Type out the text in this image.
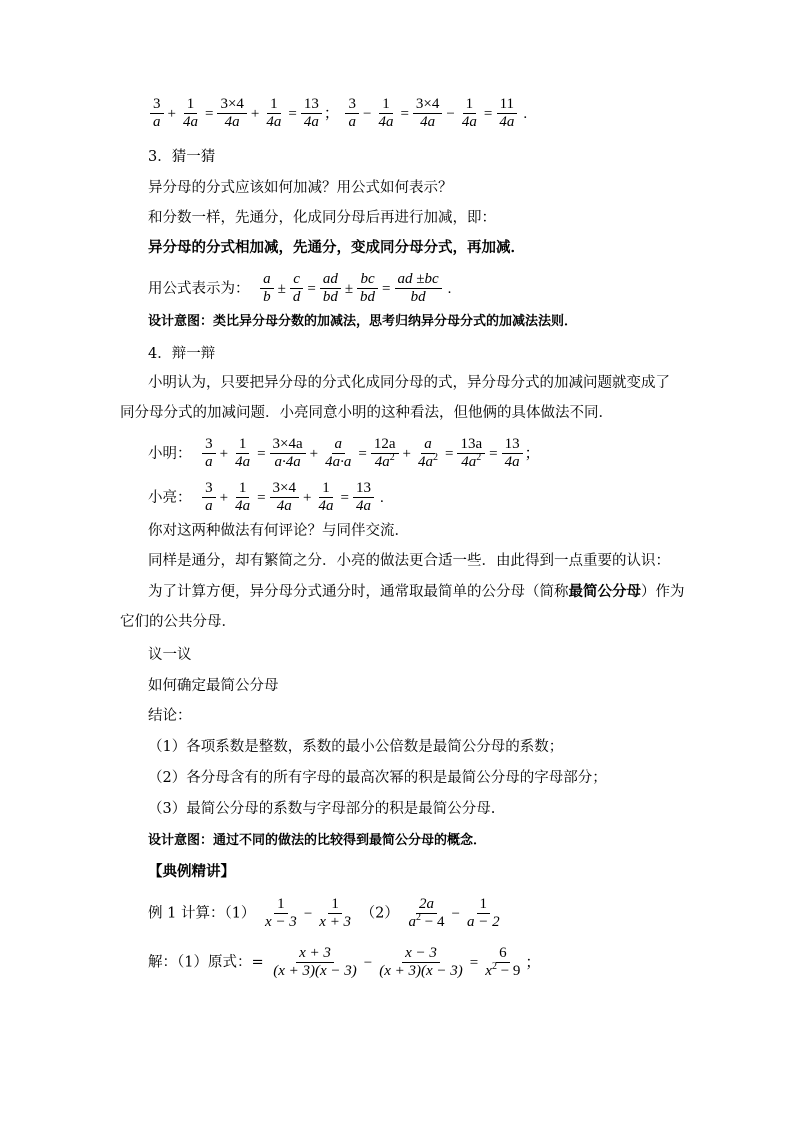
$\frac{3}{a} + \frac{1}{4a} = \frac{3\times 4}{4a} + \frac{1}{4a} = \frac{13}{4a}$ ；
$\frac{3}{a} - \frac{1}{4a} = \frac{3\times 4}{4a} - \frac{1}{4a} = \frac{11}{4a}$ .
3．猜一猜
异分母的分式应该如何加减？用公式如何表示？
和分数一样，先通分，化成同分母后再进行加减，即：
异分母的分式相加减，先通分，变成同分母分式，再加减．
用公式表示为： $\frac{a}{b} \pm \frac{c}{d} = \frac{ad}{bd} \pm \frac{bc}{bd} = \frac{ad \pm bc}{bd}$ .
设计意图：类比异分母分数的加减法，思考归纳异分母分式的加减法法则．
4．辩一辩
小明认为，只要把异分母的分式化成同分母的式，异分母分式的加减问题就变成了
同分母分式的加减问题．小亮同意小明的这种看法，但他俩的具体做法不同．
小明： $\frac{3}{a} + \frac{1}{4a} = \frac{3\times 4a}{a\cdot 4a} + \frac{a}{4a\cdot a} = \frac{12a}{4a^2} + \frac{a}{4a^2} = \frac{13a}{4a^2} = \frac{13}{4a}$ ；
小亮： $\frac{3}{a} + \frac{1}{4a} = \frac{3\times 4}{4a} + \frac{1}{4a} = \frac{13}{4a}$ .
你对这两种做法有何评论？与同伴交流．
同样是通分，却有繁简之分．小亮的做法更合适一些．由此得到一点重要的认识：
为了计算方便，异分母分式通分时，通常取最简单的公分母（简称最简公分母）作为
它们的公共分母．
议一议
如何确定最简公分母
结论：
（1）各项系数是整数，系数的最小公倍数是最简公分母的系数；
（2）各分母含有的所有字母的最高次幂的积是最简公分母的字母部分；
（3）最简公分母的系数与字母部分的积是最简公分母.
设计意图：通过不同的做法的比较得到最简公分母的概念．
【典例精讲】
例 1 计算：$(1) \frac{1}{x - 3} - \frac{1}{x + 3} (2) \frac{2a}{a^2 - 4} - \frac{1}{a - 2}$
解：（1）原式：= $\frac{x + 3}{(x + 3)(x - 3)} - \frac{x - 3}{(x + 3)(x - 3)} = \frac{6}{x^2 - 9}$ ；
